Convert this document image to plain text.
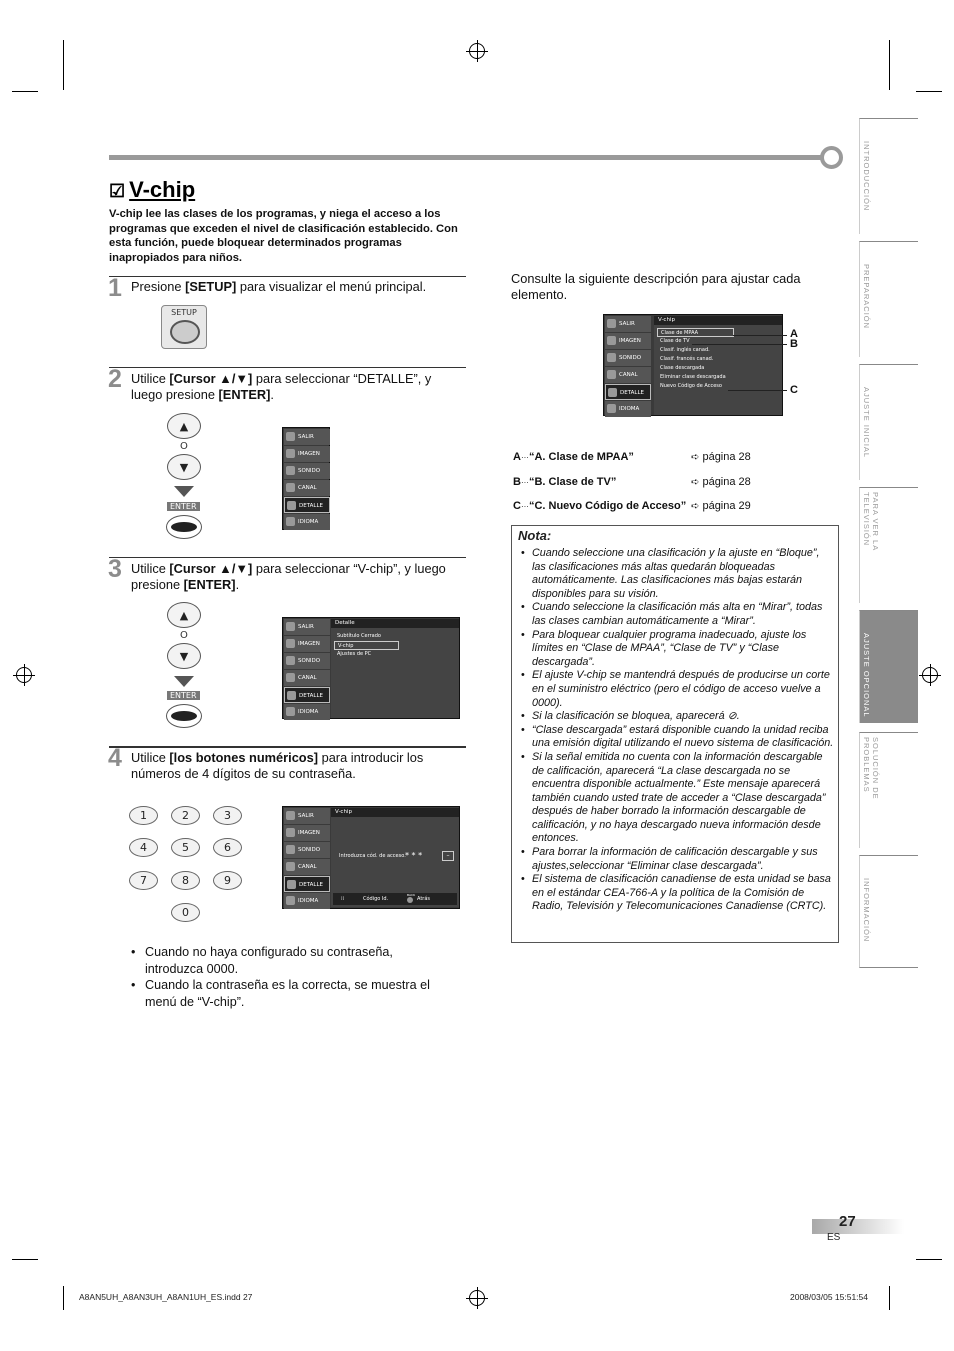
☑ V-chip
V-chip lee las clases de los programas, y niega el acceso a los programas que exceden el nivel de clasificación establecido. Con esta función, puede bloquear determinados programas inapropiados para niños.
1 Presione [SETUP] para visualizar el menú principal.
SETUP
2 Utilice [Cursor ▲/▼] para seleccionar “DETALLE”, y luego presione [ENTER].
▲
O
▼
ENTER
SALIR
IMAGEN
SONIDO
CANAL
DETALLE
IDIOMA
3 Utilice [Cursor ▲/▼] para seleccionar “V-chip”, y luego presione [ENTER].
▲
O
▼
ENTER
SALIR
IMAGEN
SONIDO
CANAL
DETALLE
IDIOMA
Detalle
Subtítulo Cerrado
V-chip
Ajustes de PC
4 Utilice [los botones numéricos] para introducir los números de 4 dígitos de su contraseña.
1	2	3
4	5	6
7	8	9
0
SALIR
IMAGEN
SONIDO
CANAL
DETALLE
IDIOMA
V-chip
Introduzca cód. de acceso. * * *	–
⁞⁞	Código Id.
BACK
Atrás
• Cuando no haya configurado su contraseña, introduzca 0000.
• Cuando la contraseña es la correcta, se muestra el menú de “V-chip”.
Consulte la siguiente descripción para ajustar cada elemento.
SALIR
IMAGEN
SONIDO
CANAL
DETALLE
IDIOMA
V-chip
Clase de MPAA
Clase de TV
Clasif. inglés canad.
Clasif. francés canad.
Clase descargada
Eliminar clase descargada
Nuevo Código de Acceso
A
B
C
A···“A. Clase de MPAA”	➪ página 28
B···“B. Clase de TV”	➪ página 28
C···“C. Nuevo Código de Acceso” ➪ página 29
Nota:
• Cuando seleccione una clasificación y la ajuste en “Bloque”, las clasificaciones más altas quedarán bloqueadas automáticamente. Las clasificaciones más bajas estarán disponibles para su visión.
• Cuando seleccione la clasificación más alta en “Mirar”, todas las clases cambian automáticamente a “Mirar”.
• Para bloquear cualquier programa inadecuado, ajuste los límites en “Clase de MPAA”, “Clase de TV” y “Clase descargada”.
• El ajuste V-chip se mantendrá después de producirse un corte en el suministro eléctrico (pero el código de acceso vuelve a 0000).
• Si la clasificación se bloquea, aparecerá ⊘.
• “Clase descargada” estará disponible cuando la unidad reciba una emisión digital utilizando el nuevo sistema de clasificación.
• Si la señal emitida no cuenta con la información descargable de calificación, aparecerá “La clase descargada no se encuentra disponible actualmente.” Este mensaje aparecerá también cuando usted trate de acceder a “Clase descargada” después de haber borrado la información descargable de calificación, y no haya descargado nueva información desde entonces.
• Para borrar la información de calificación descargable y sus ajustes,seleccionar “Eliminar clase descargada”.
• El sistema de clasificación canadiense de esta unidad se basa en el estándar CEA-766-A y la política de la Comisión de Radio, Televisión y Telecomunicaciones Canadiense (CRTC).
INTRODUCCIÓN
PREPARACIÓN
AJUSTE INICIAL
PARA VER LA TELEVISIÓN
AJUSTE OPCIONAL
SOLUCIÓN DE PROBLEMAS
INFORMACIÓN
27
ES
A8AN5UH_A8AN3UH_A8AN1UH_ES.indd 27	2008/03/05 15:51:54
